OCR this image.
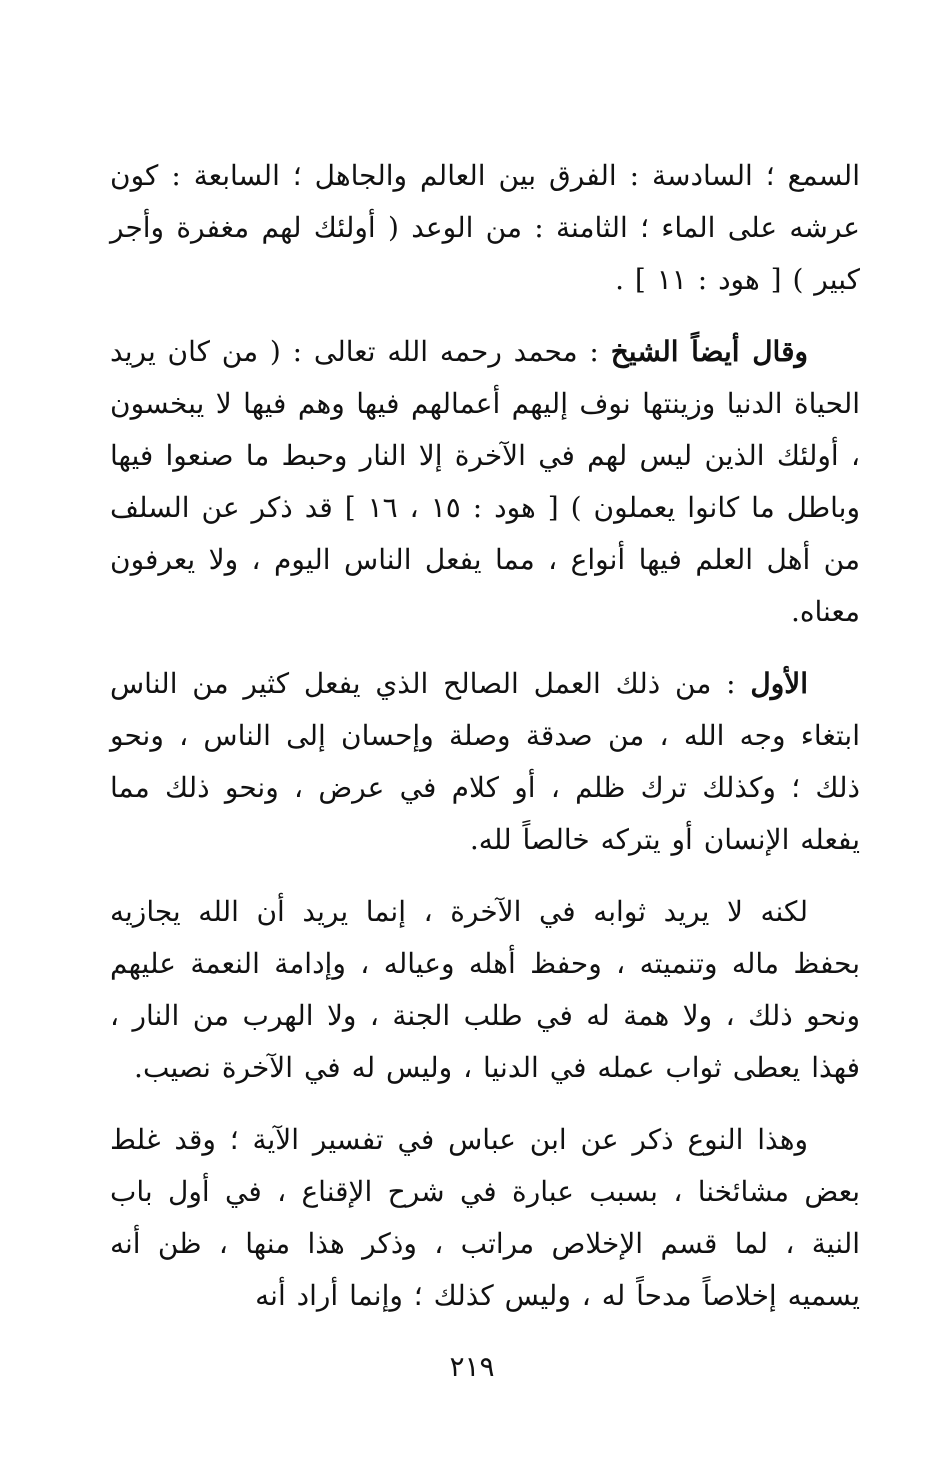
السمع ؛ السادسة : الفرق بين العالم والجاهل ؛ السابعة : كون عرشه على الماء ؛ الثامنة : من الوعد ( أولئك لهم مغفرة وأجر كبير ) [ هود : ١١ ] .

وقال أيضاً الشيخ : محمد رحمه الله تعالى : ( من كان يريد الحياة الدنيا وزينتها نوف إليهم أعمالهم فيها وهم فيها لا يبخسون ، أولئك الذين ليس لهم في الآخرة إلا النار وحبط ما صنعوا فيها وباطل ما كانوا يعملون ) [ هود : ١٥ ، ١٦ ] قد ذكر عن السلف من أهل العلم فيها أنواع ، مما يفعل الناس اليوم ، ولا يعرفون معناه.

الأول : من ذلك العمل الصالح الذي يفعل كثير من الناس ابتغاء وجه الله ، من صدقة وصلة وإحسان إلى الناس ، ونحو ذلك ؛ وكذلك ترك ظلم ، أو كلام في عرض ، ونحو ذلك مما يفعله الإنسان أو يتركه خالصاً لله.

لكنه لا يريد ثوابه في الآخرة ، إنما يريد أن الله يجازيه بحفظ ماله وتنميته ، وحفظ أهله وعياله ، وإدامة النعمة عليهم ونحو ذلك ، ولا همة له في طلب الجنة ، ولا الهرب من النار ، فهذا يعطى ثواب عمله في الدنيا ، وليس له في الآخرة نصيب.

وهذا النوع ذكر عن ابن عباس في تفسير الآية ؛ وقد غلط بعض مشائخنا ، بسبب عبارة في شرح الإقناع ، في أول باب النية ، لما قسم الإخلاص مراتب ، وذكر هذا منها ، ظن أنه يسميه إخلاصاً مدحاً له ، وليس كذلك ؛ وإنما أراد أنه

٢١٩
